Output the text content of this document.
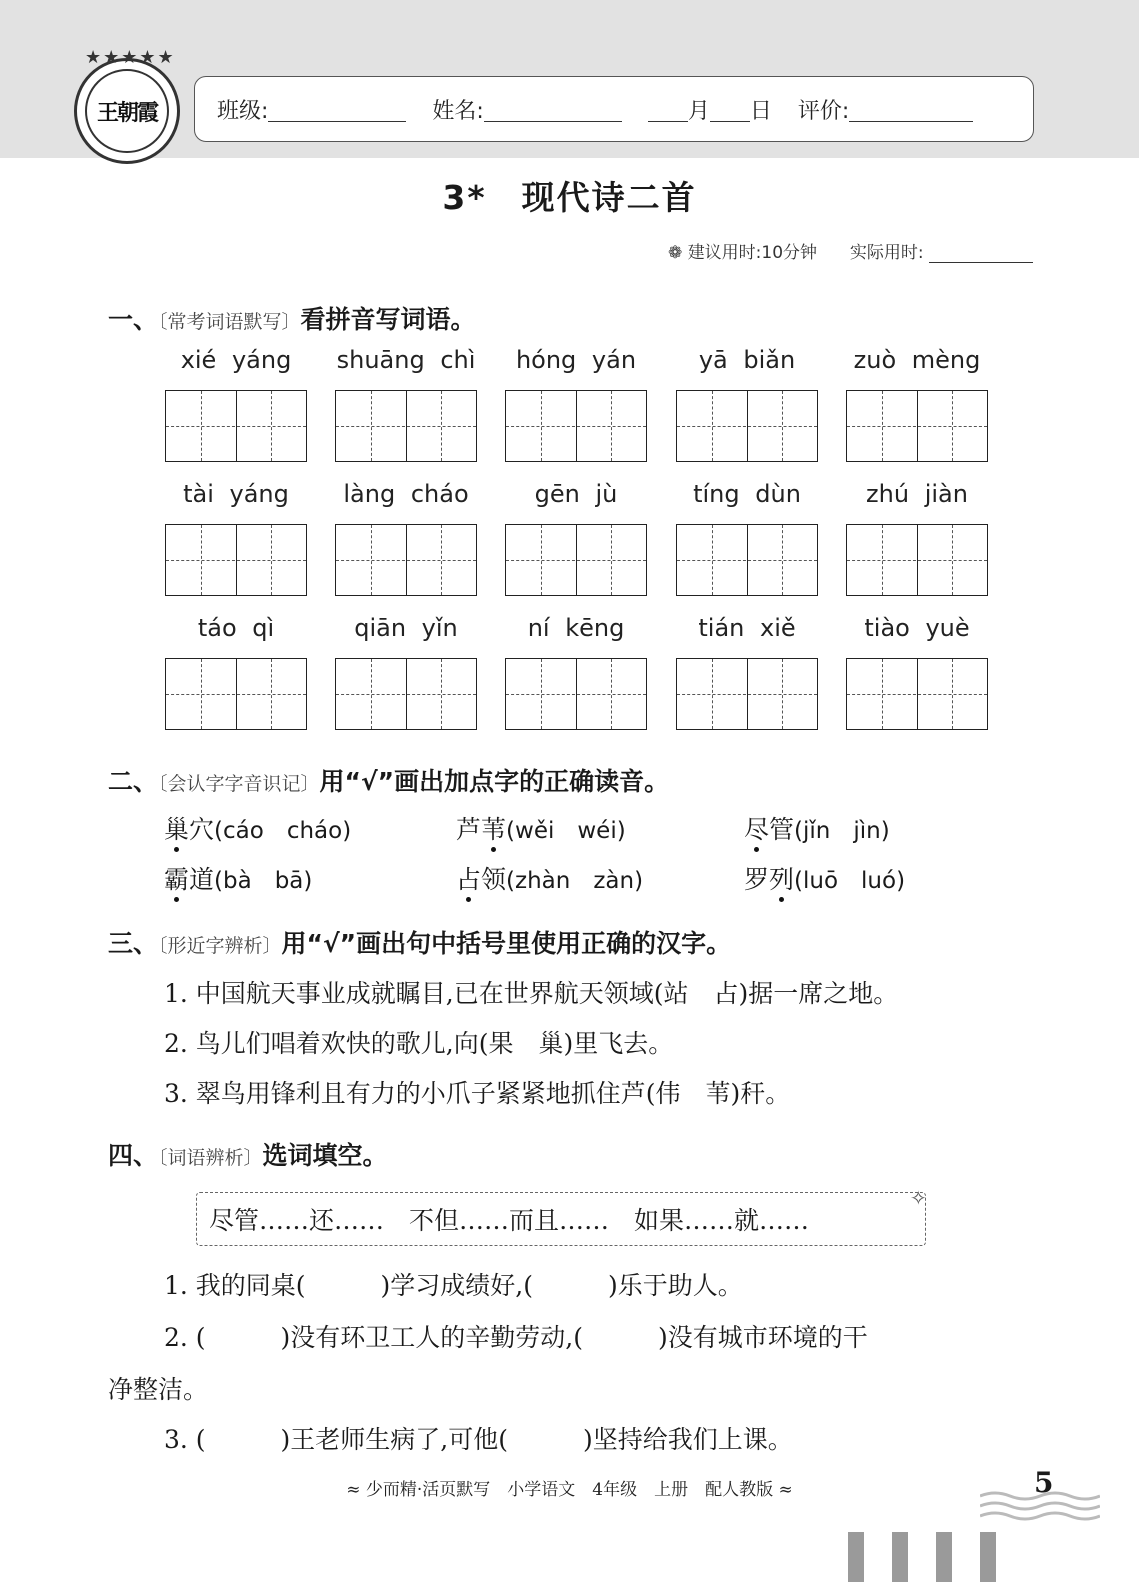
★★★★★
王朝霞	班级:	姓名:	月 日 评价:
3*　现代诗二首
❁ 建议用时:10分钟 实际用时:
一、〔常考词语默写〕看拼音写词语。
xié yáng	shuāng chì	hóng yán	yā biǎn	zuò mèng
tài yáng	làng cháo	gēn jù	tíng dùn	zhú jiàn
táo qì	qiān yǐn	ní kēng	tián xiě	tiào yuè
二、〔会认字字音识记〕用“√”画出加点字的正确读音。
巢穴(cáo　cháo)	芦苇(wěi　wéi)	尽管(jǐn　jìn)
霸道(bà　bā)	占领(zhàn　zàn)	罗列(luō　luó)
三、〔形近字辨析〕用“√”画出句中括号里使用正确的汉字。
1. 中国航天事业成就瞩目,已在世界航天领域(站　占)据一席之地。
2. 鸟儿们唱着欢快的歌儿,向(果　巢)里飞去。
3. 翠鸟用锋利且有力的小爪子紧紧地抓住芦(伟　苇)秆。
四、〔词语辨析〕选词填空。
尽管……还……　不但……而且……　如果……就……
✧
1. 我的同桌(　　　)学习成绩好,(　　　)乐于助人。
2. (　　　)没有环卫工人的辛勤劳动,(　　　)没有城市环境的干
净整洁。
3. (　　　)王老师生病了,可他(　　　)坚持给我们上课。
≈ 少而精·活页默写　小学语文　4年级　上册　配人教版 ≈	5
